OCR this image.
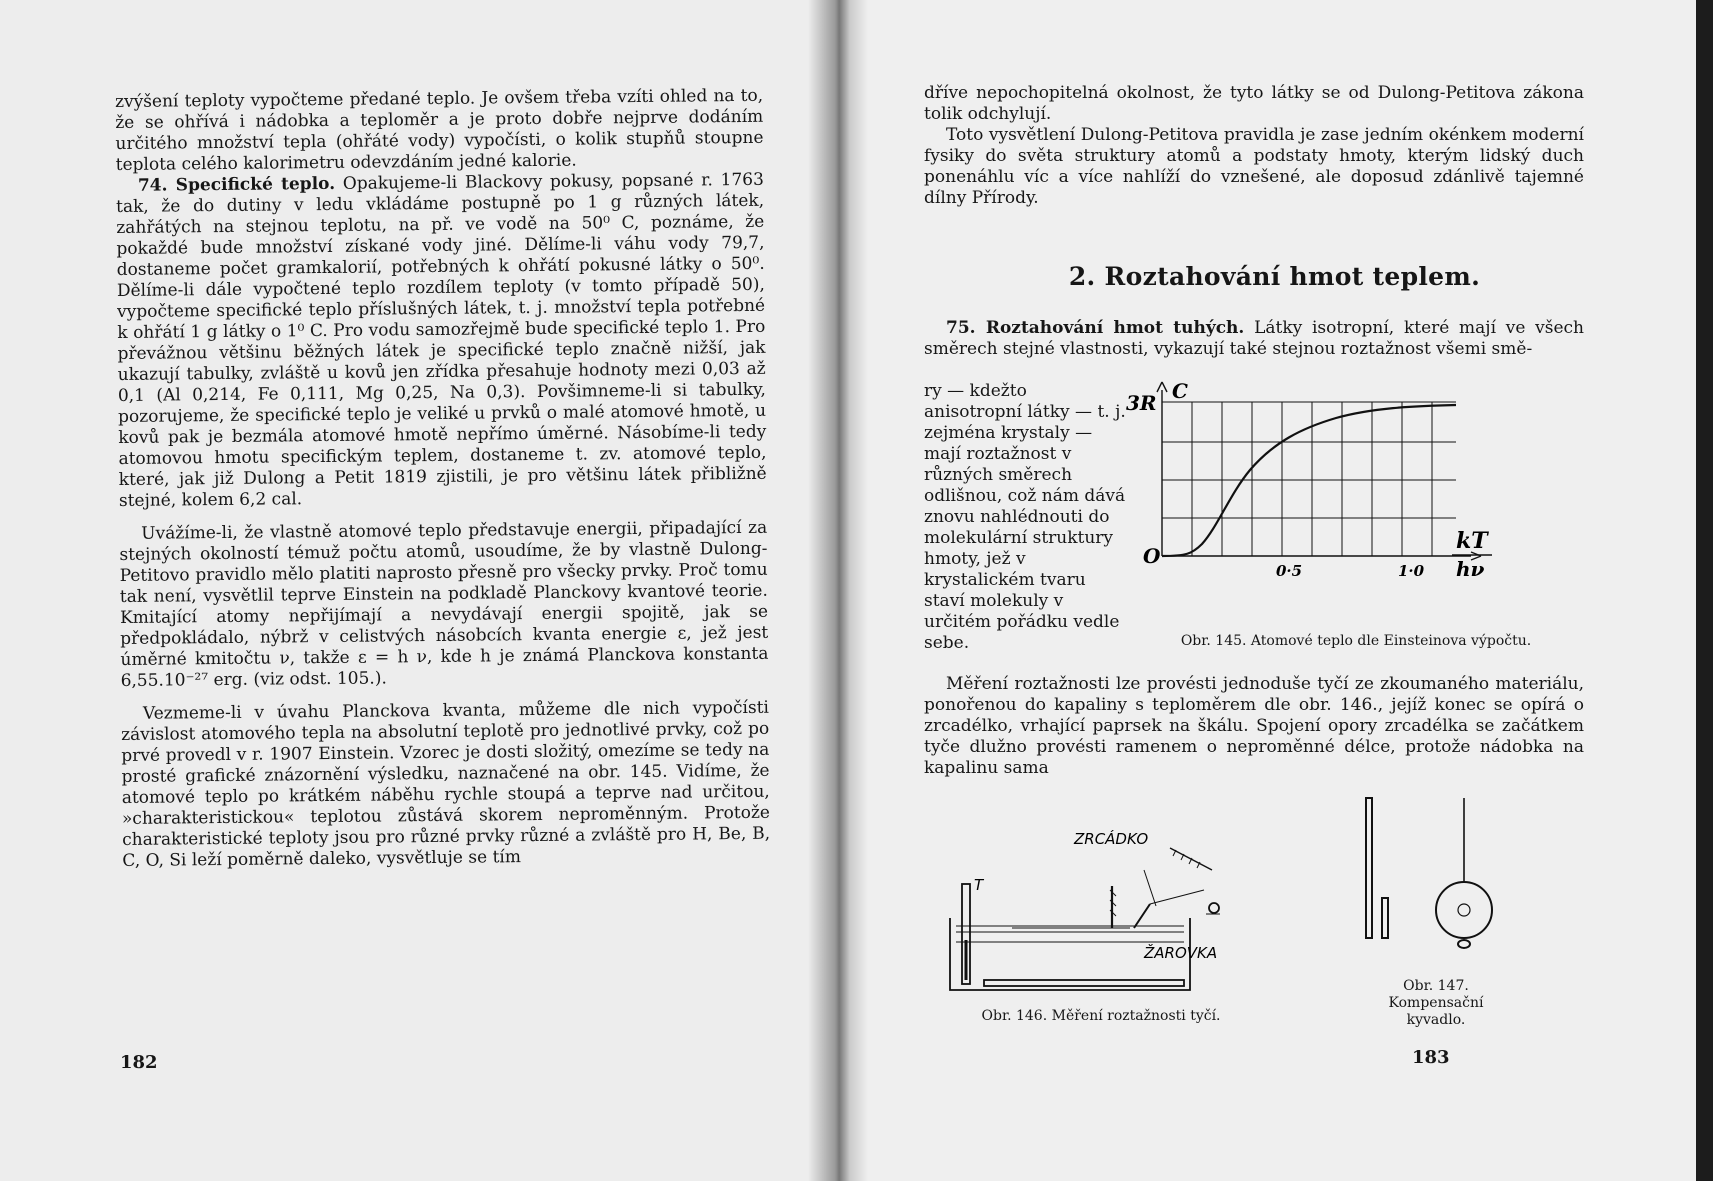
zvýšení teploty vypočteme předané teplo. Je ovšem třeba vzíti ohled na to, že se ohřívá i nádobka a teploměr a je proto dobře nejprve dodáním určitého množství tepla (ohřáté vody) vypočísti, o kolik stupňů stoupne teplota celého kalorimetru odevzdáním jedné kalorie.

74. Specifické teplo. Opakujeme-li Blackovy pokusy, popsané r. 1763 tak, že do dutiny v ledu vkládáme postupně po 1 g různých látek, zahřátých na stejnou teplotu, na př. ve vodě na 50⁰ C, poznáme, že pokaždé bude množství získané vody jiné. Dělíme-li váhu vody 79,7, dostaneme počet gramkalorií, potřebných k ohřátí pokusné látky o 50⁰. Dělíme-li dále vypočtené teplo rozdílem teploty (v tomto případě 50), vypočteme specifické teplo příslušných látek, t. j. množství tepla potřebné k ohřátí 1 g látky o 1⁰ C. Pro vodu samozřejmě bude specifické teplo 1. Pro převážnou většinu běžných látek je specifické teplo značně nižší, jak ukazují tabulky, zvláště u kovů jen zřídka přesahuje hodnoty mezi 0,03 až 0,1 (Al 0,214, Fe 0,111, Mg 0,25, Na 0,3). Povšimneme-li si tabulky, pozorujeme, že specifické teplo je veliké u prvků o malé atomové hmotě, u kovů pak je bezmála atomové hmotě nepřímo úměrné. Násobíme-li tedy atomovou hmotu specifickým teplem, dostaneme t. zv. atomové teplo, které, jak již Dulong a Petit 1819 zjistili, je pro většinu látek přibližně stejné, kolem 6,2 cal.

Uvážíme-li, že vlastně atomové teplo představuje energii, připadající za stejných okolností témuž počtu atomů, usoudíme, že by vlastně Dulong-Petitovo pravidlo mělo platiti naprosto přesně pro všecky prvky. Proč tomu tak není, vysvětlil teprve Einstein na podkladě Planckovy kvantové teorie. Kmitající atomy nepřijímají a nevydávají energii spojitě, jak se předpokládalo, nýbrž v celistvých násobcích kvanta energie ε, jež jest úměrné kmitočtu ν, takže ε = h ν, kde h je známá Planckova konstanta 6,55.10⁻²⁷ erg. (viz odst. 105.).

Vezmeme-li v úvahu Planckova kvanta, můžeme dle nich vypočísti závislost atomového tepla na absolutní teplotě pro jednotlivé prvky, což po prvé provedl v r. 1907 Einstein. Vzorec je dosti složitý, omezíme se tedy na prosté grafické znázornění výsledku, naznačené na obr. 145. Vidíme, že atomové teplo po krátkém náběhu rychle stoupá a teprve nad určitou, »charakteristickou« teplotou zůstává skorem neproměnným. Protože charakteristické teploty jsou pro různé prvky různé a zvláště pro H, Be, B, C, O, Si leží poměrně daleko, vysvětluje se tím

182

dříve nepochopitelná okolnost, že tyto látky se od Dulong-Petitova zákona tolik odchylují.

Toto vysvětlení Dulong-Petitova pravidla je zase jedním okénkem moderní fysiky do světa struktury atomů a podstaty hmoty, kterým lidský duch ponenáhlu víc a více nahlíží do vznešené, ale doposud zdánlivě tajemné dílny Přírody.

2. Roztahování hmot teplem.

75. Roztahování hmot tuhých. Látky isotropní, které mají ve všech směrech stejné vlastnosti, vykazují také stejnou roztažnost všemi smě-

ry — kdežto anisotropní látky — t. j. zejména krystaly — mají roztažnost v různých směrech odlišnou, což nám dává znovu nahlédnouti do molekulární struktury hmoty, jež v krystalickém tvaru staví molekuly v určitém pořádku vedle sebe.

C
3R
O
0·5	1·0
kT
hν
Obr. 145. Atomové teplo dle Einsteinova výpočtu.

Měření roztažnosti lze provésti jednoduše tyčí ze zkoumaného materiálu, ponořenou do kapaliny s teploměrem dle obr. 146., jejíž konec se opírá o zrcadélko, vrhající paprsek na škálu. Spojení opory zrcadélka se začátkem tyče dlužno provésti ramenem o neproměnné délce, protože nádobka na kapalinu sama

ZRCÁDKO
ŽAROVKA
T
Obr. 146. Měření roztažnosti tyčí.
Obr. 147.
Kompensační
kyvadlo.
183
